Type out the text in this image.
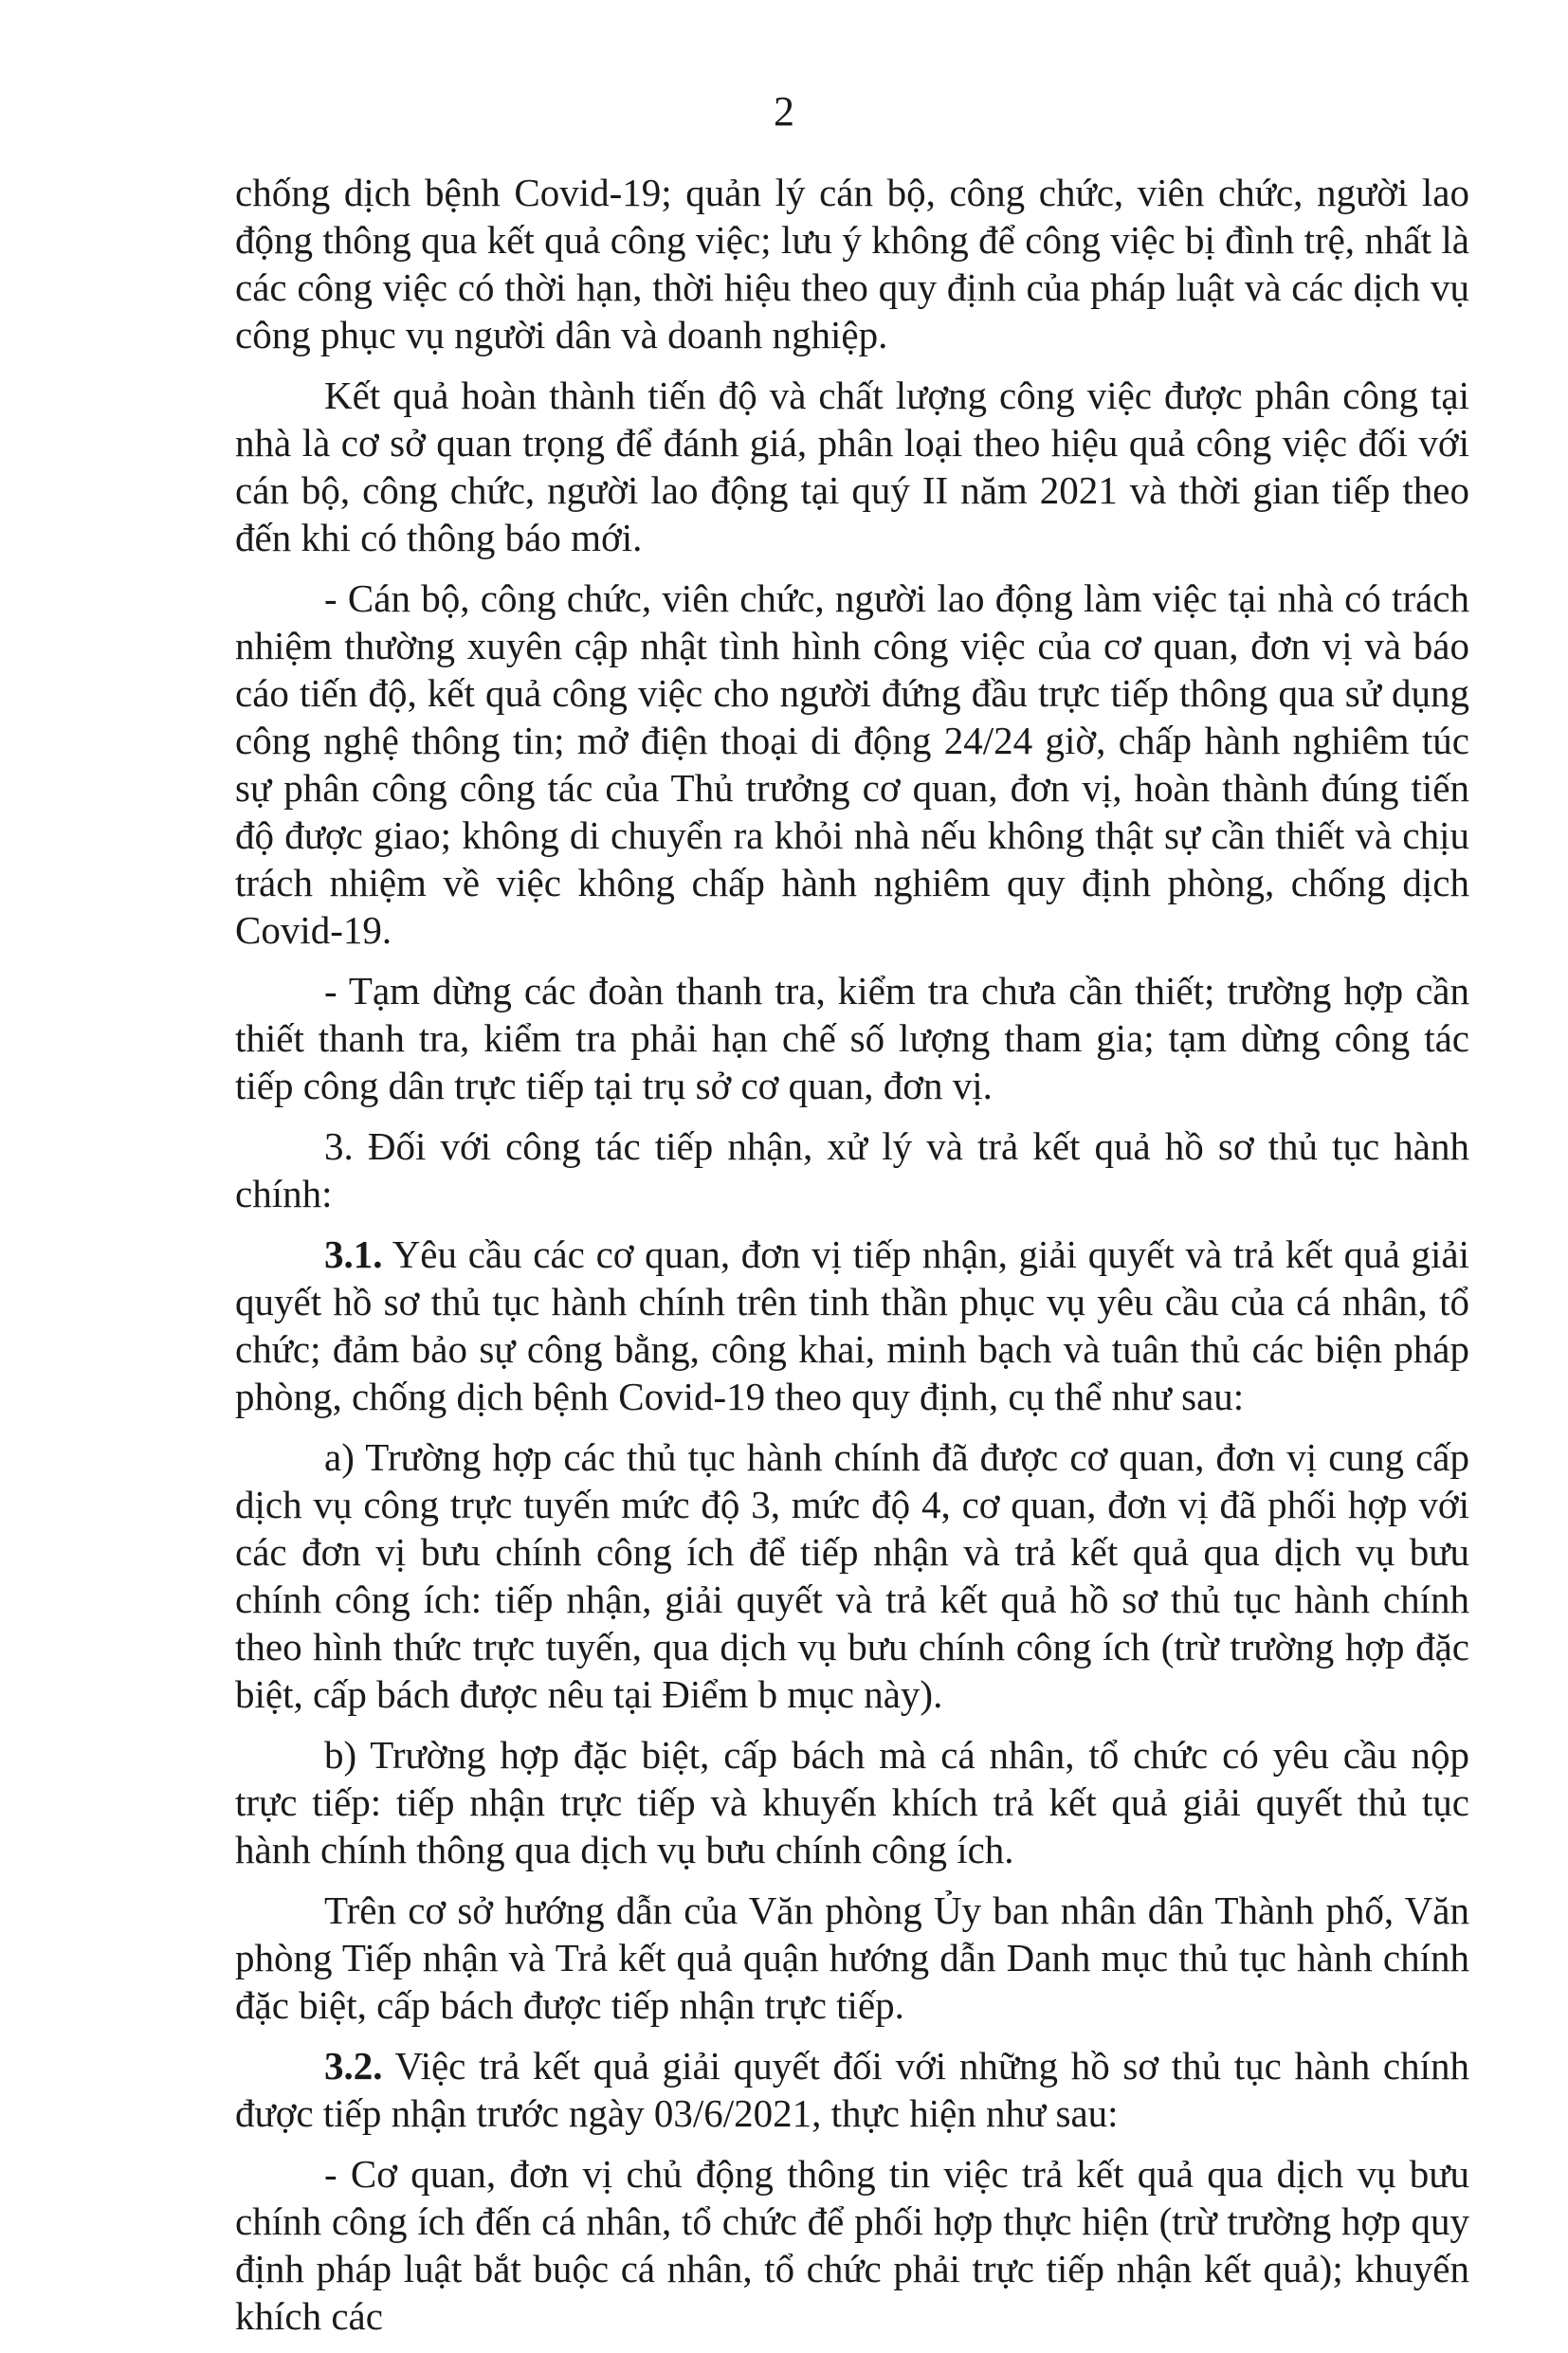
2

chống dịch bệnh Covid-19; quản lý cán bộ, công chức, viên chức, người lao động thông qua kết quả công việc; lưu ý không để công việc bị đình trệ, nhất là các công việc có thời hạn, thời hiệu theo quy định của pháp luật và các dịch vụ công phục vụ người dân và doanh nghiệp.

Kết quả hoàn thành tiến độ và chất lượng công việc được phân công tại nhà là cơ sở quan trọng để đánh giá, phân loại theo hiệu quả công việc đối với cán bộ, công chức, người lao động tại quý II năm 2021 và thời gian tiếp theo đến khi có thông báo mới.

- Cán bộ, công chức, viên chức, người lao động làm việc tại nhà có trách nhiệm thường xuyên cập nhật tình hình công việc của cơ quan, đơn vị và báo cáo tiến độ, kết quả công việc cho người đứng đầu trực tiếp thông qua sử dụng công nghệ thông tin; mở điện thoại di động 24/24 giờ, chấp hành nghiêm túc sự phân công công tác của Thủ trưởng cơ quan, đơn vị, hoàn thành đúng tiến độ được giao; không di chuyển ra khỏi nhà nếu không thật sự cần thiết và chịu trách nhiệm về việc không chấp hành nghiêm quy định phòng, chống dịch Covid-19.

- Tạm dừng các đoàn thanh tra, kiểm tra chưa cần thiết; trường hợp cần thiết thanh tra, kiểm tra phải hạn chế số lượng tham gia; tạm dừng công tác tiếp công dân trực tiếp tại trụ sở cơ quan, đơn vị.

3. Đối với công tác tiếp nhận, xử lý và trả kết quả hồ sơ thủ tục hành chính:

3.1. Yêu cầu các cơ quan, đơn vị tiếp nhận, giải quyết và trả kết quả giải quyết hồ sơ thủ tục hành chính trên tinh thần phục vụ yêu cầu của cá nhân, tổ chức; đảm bảo sự công bằng, công khai, minh bạch và tuân thủ các biện pháp phòng, chống dịch bệnh Covid-19 theo quy định, cụ thể như sau:

a) Trường hợp các thủ tục hành chính đã được cơ quan, đơn vị cung cấp dịch vụ công trực tuyến mức độ 3, mức độ 4, cơ quan, đơn vị đã phối hợp với các đơn vị bưu chính công ích để tiếp nhận và trả kết quả qua dịch vụ bưu chính công ích: tiếp nhận, giải quyết và trả kết quả hồ sơ thủ tục hành chính theo hình thức trực tuyến, qua dịch vụ bưu chính công ích (trừ trường hợp đặc biệt, cấp bách được nêu tại Điểm b mục này).

b) Trường hợp đặc biệt, cấp bách mà cá nhân, tổ chức có yêu cầu nộp trực tiếp: tiếp nhận trực tiếp và khuyến khích trả kết quả giải quyết thủ tục hành chính thông qua dịch vụ bưu chính công ích.

Trên cơ sở hướng dẫn của Văn phòng Ủy ban nhân dân Thành phố, Văn phòng Tiếp nhận và Trả kết quả quận hướng dẫn Danh mục thủ tục hành chính đặc biệt, cấp bách được tiếp nhận trực tiếp.

3.2. Việc trả kết quả giải quyết đối với những hồ sơ thủ tục hành chính được tiếp nhận trước ngày 03/6/2021, thực hiện như sau:

- Cơ quan, đơn vị chủ động thông tin việc trả kết quả qua dịch vụ bưu chính công ích đến cá nhân, tổ chức để phối hợp thực hiện (trừ trường hợp quy định pháp luật bắt buộc cá nhân, tổ chức phải trực tiếp nhận kết quả); khuyến khích các
